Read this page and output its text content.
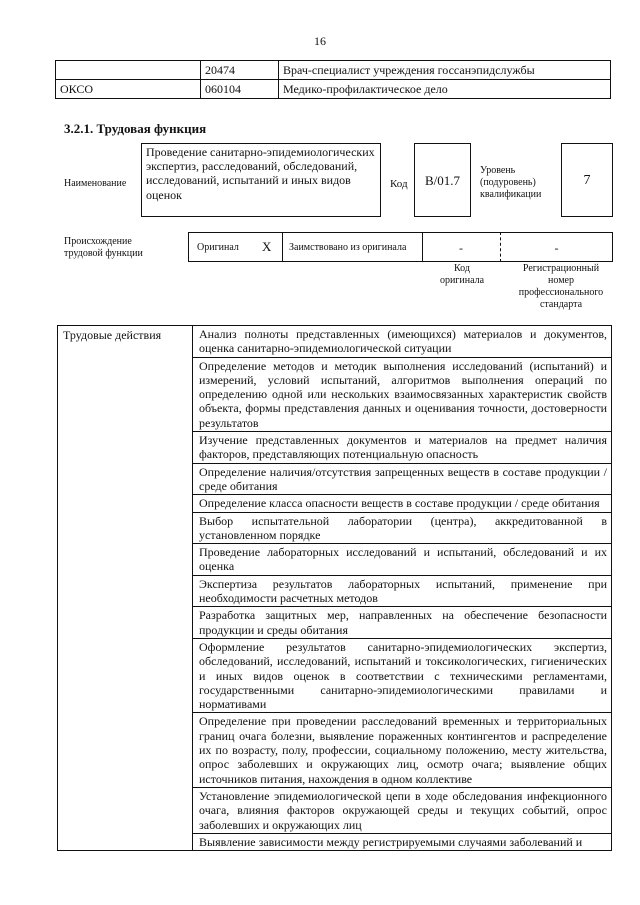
16
	20474	Врач-специалист учреждения госсанэпидслужбы
ОКСО	060104	Медико-профилактическое дело
3.2.1. Трудовая функция
Наименование
Проведение санитарно-эпидемиологических экспертиз, расследований, обследований, исследований, испытаний и иных видов оценок
Код	В/01.7
Уровень (подуровень) квалификации
7
Происхождение трудовой функции
Оригинал Х Заимствовано из оригинала	-	-
Код оригинала
Регистрационный номер профессионального стандарта
Трудовые действия	Анализ полноты представленных (имеющихся) материалов и документов, оценка санитарно-эпидемиологической ситуации
Определение методов и методик выполнения исследований (испытаний) и измерений, условий испытаний, алгоритмов выполнения операций по определению одной или нескольких взаимосвязанных характеристик свойств объекта, формы представления данных и оценивания точности, достоверности результатов
Изучение представленных документов и материалов на предмет наличия факторов, представляющих потенциальную опасность
Определение наличия/отсутствия запрещенных веществ в составе продукции / среде обитания
Определение класса опасности веществ в составе продукции / среде обитания
Выбор испытательной лаборатории (центра), аккредитованной в установленном порядке
Проведение лабораторных исследований и испытаний, обследований и их оценка
Экспертиза результатов лабораторных испытаний, применение при необходимости расчетных методов
Разработка защитных мер, направленных на обеспечение безопасности продукции и среды обитания
Оформление результатов санитарно-эпидемиологических экспертиз, обследований, исследований, испытаний и токсикологических, гигиенических и иных видов оценок в соответствии с техническими регламентами, государственными санитарно-эпидемиологическими правилами и нормативами
Определение при проведении расследований временных и территориальных границ очага болезни, выявление пораженных контингентов и распределение их по возрасту, полу, профессии, социальному положению, месту жительства, опрос заболевших и окружающих лиц, осмотр очага; выявление общих источников питания, нахождения в одном коллективе
Установление эпидемиологической цепи в ходе обследования инфекционного очага, влияния факторов окружающей среды и текущих событий, опрос заболевших и окружающих лиц
Выявление зависимости между регистрируемыми случаями заболеваний и
